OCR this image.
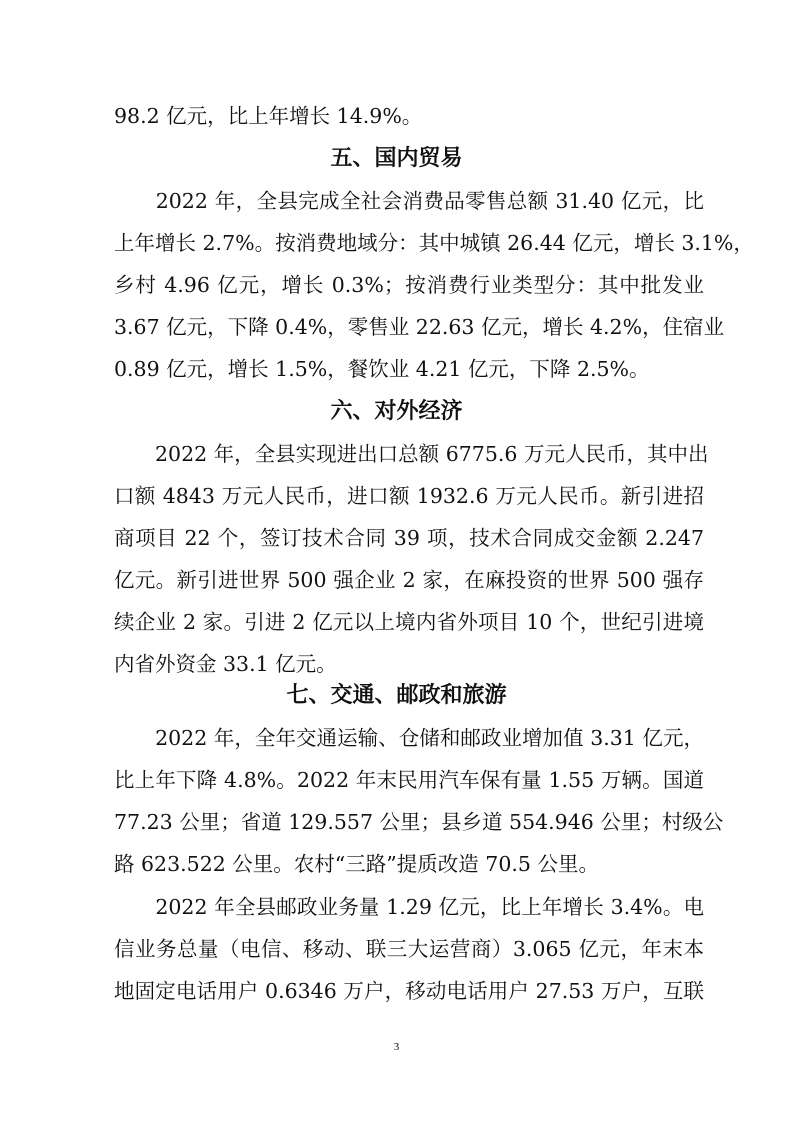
98.2 亿元，比上年增长 14.9%。
五、国内贸易
　　2022 年，全县完成全社会消费品零售总额 31.40 亿元，比
上年增长 2.7%。按消费地域分：其中城镇 26.44 亿元，增长 3.1%，
乡村 4.96 亿元，增长 0.3%；按消费行业类型分：其中批发业
3.67 亿元，下降 0.4%，零售业 22.63 亿元，增长 4.2%，住宿业
0.89 亿元，增长 1.5%，餐饮业 4.21 亿元，下降 2.5%。
六、对外经济
　　2022 年，全县实现进出口总额 6775.6 万元人民币，其中出
口额 4843 万元人民币，进口额 1932.6 万元人民币。新引进招
商项目 22 个，签订技术合同 39 项，技术合同成交金额 2.247
亿元。新引进世界 500 强企业 2 家，在麻投资的世界 500 强存
续企业 2 家。引进 2 亿元以上境内省外项目 10 个，世纪引进境
内省外资金 33.1 亿元。
七、交通、邮政和旅游
　　2022 年，全年交通运输、仓储和邮政业增加值 3.31 亿元，
比上年下降 4.8%。2022 年末民用汽车保有量 1.55 万辆。国道
77.23 公里；省道 129.557 公里；县乡道 554.946 公里；村级公
路 623.522 公里。农村“三路”提质改造 70.5 公里。
　　2022 年全县邮政业务量 1.29 亿元，比上年增长 3.4%。电
信业务总量（电信、移动、联三大运营商）3.065 亿元，年末本
地固定电话用户 0.6346 万户，移动电话用户 27.53 万户，互联
3
